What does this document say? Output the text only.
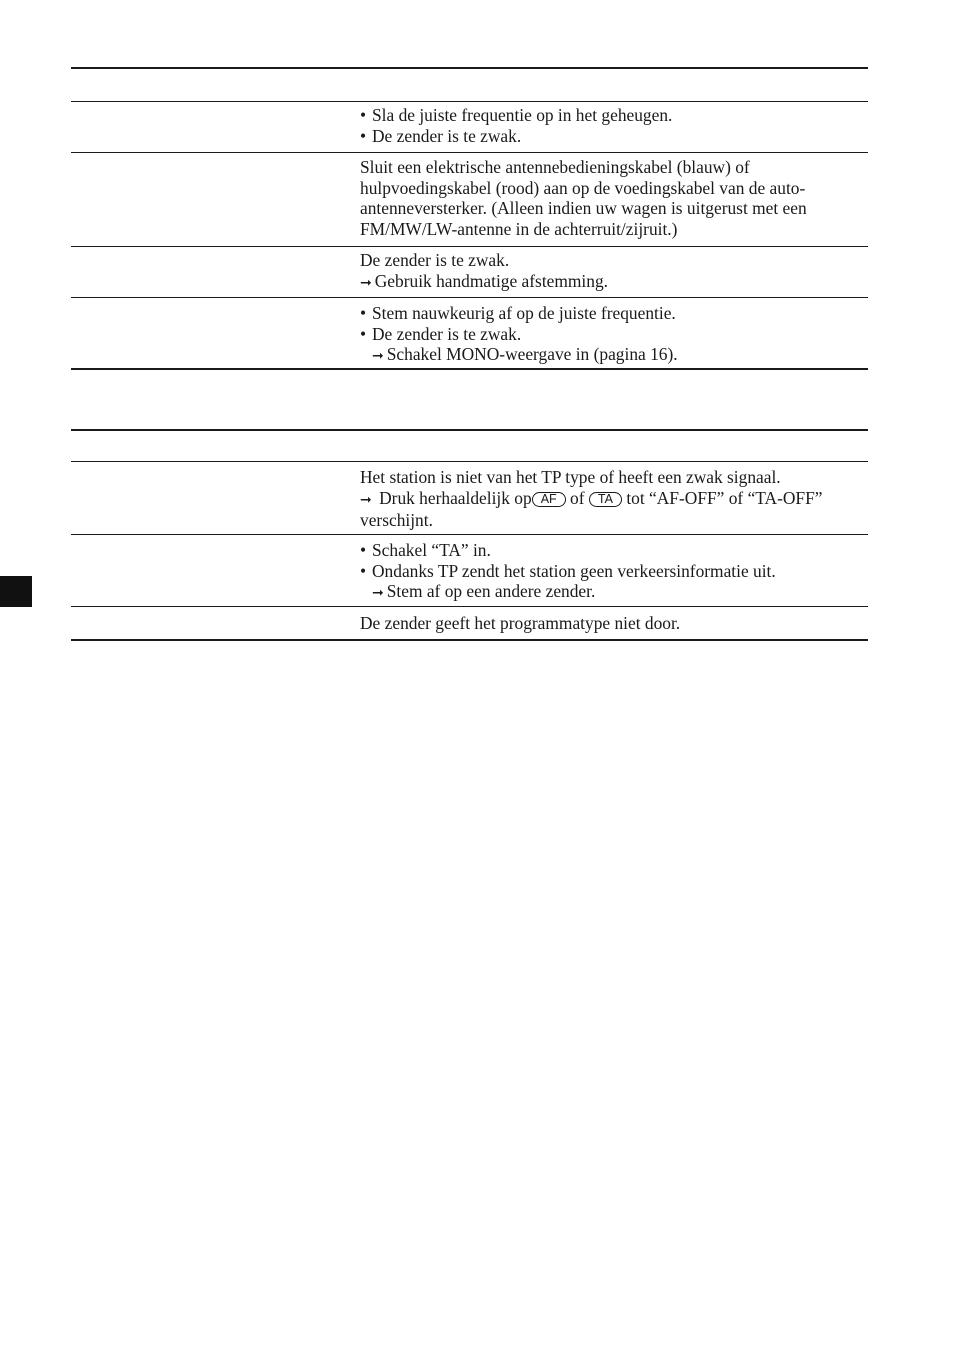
• Sla de juiste frequentie op in het geheugen.
• De zender is te zwak.
Sluit een elektrische antennebedieningskabel (blauw) of hulpvoedingskabel (rood) aan op de voedingskabel van de auto-antenneversterker. (Alleen indien uw wagen is uitgerust met een FM/MW/LW-antenne in de achterruit/zijruit.)
De zender is te zwak.
➞ Gebruik handmatige afstemming.
• Stem nauwkeurig af op de juiste frequentie.
• De zender is te zwak.
➞ Schakel MONO-weergave in (pagina 16).
Het station is niet van het TP type of heeft een zwak signaal.
➞ Druk herhaaldelijk op AF of TA tot “AF-OFF” of “TA-OFF” verschijnt.
• Schakel “TA” in.
• Ondanks TP zendt het station geen verkeersinformatie uit.
➞ Stem af op een andere zender.
De zender geeft het programmatype niet door.
